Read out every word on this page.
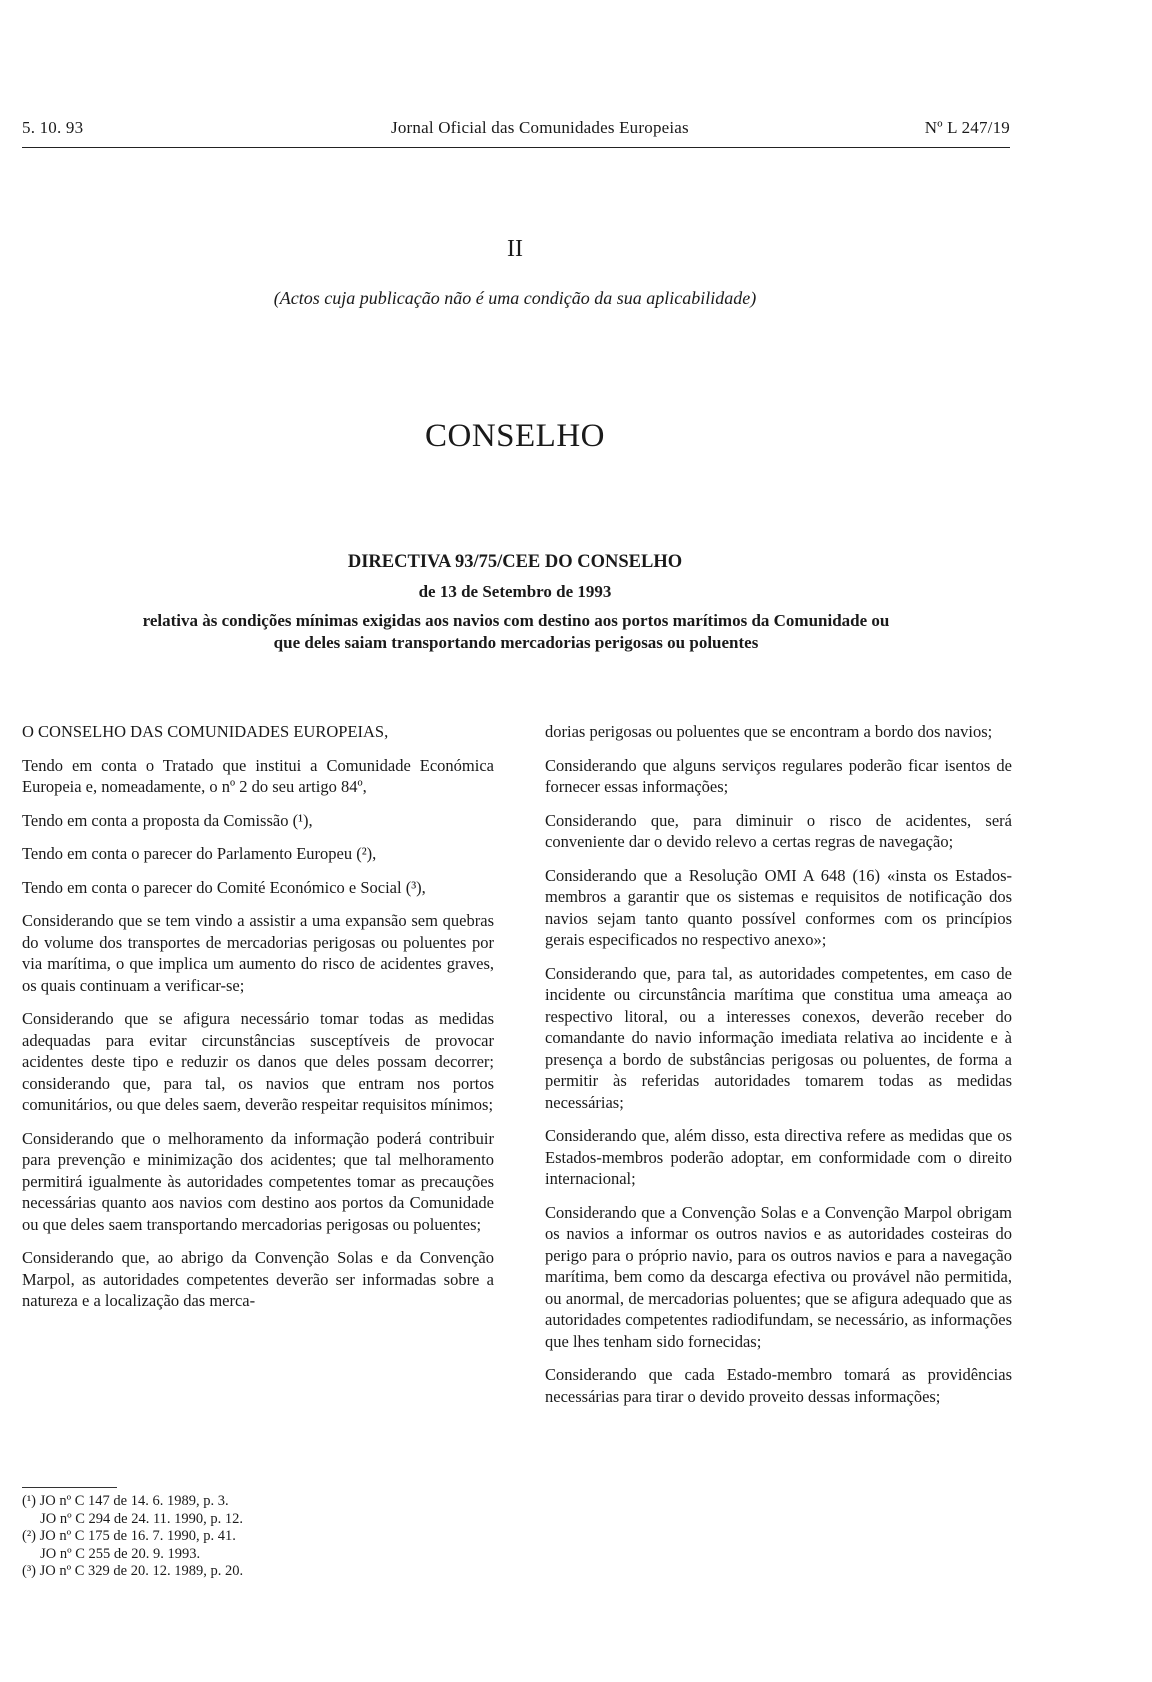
5. 10. 93	Jornal Oficial das Comunidades Europeias	Nº L 247/19
II
(Actos cuja publicação não é uma condição da sua aplicabilidade)
CONSELHO
DIRECTIVA 93/75/CEE DO CONSELHO
de 13 de Setembro de 1993
relativa às condições mínimas exigidas aos navios com destino aos portos marítimos da Comunidade ou que deles saiam transportando mercadorias perigosas ou poluentes

O CONSELHO DAS COMUNIDADES EUROPEIAS,

Tendo em conta o Tratado que institui a Comunidade Económica Europeia e, nomeadamente, o nº 2 do seu artigo 84º,

Tendo em conta a proposta da Comissão (¹),

Tendo em conta o parecer do Parlamento Europeu (²),

Tendo em conta o parecer do Comité Económico e Social (³),

Considerando que se tem vindo a assistir a uma expansão sem quebras do volume dos transportes de mercadorias perigosas ou poluentes por via marítima, o que implica um aumento do risco de acidentes graves, os quais continuam a verificar-se;

Considerando que se afigura necessário tomar todas as medidas adequadas para evitar circunstâncias susceptíveis de provocar acidentes deste tipo e reduzir os danos que deles possam decorrer; considerando que, para tal, os navios que entram nos portos comunitários, ou que deles saem, deverão respeitar requisitos mínimos;

Considerando que o melhoramento da informação poderá contribuir para prevenção e minimização dos acidentes; que tal melhoramento permitirá igualmente às autoridades competentes tomar as precauções necessárias quanto aos navios com destino aos portos da Comunidade ou que deles saem transportando mercadorias perigosas ou poluentes;

Considerando que, ao abrigo da Convenção Solas e da Convenção Marpol, as autoridades competentes deverão ser informadas sobre a natureza e a localização das merca-

dorias perigosas ou poluentes que se encontram a bordo dos navios;

Considerando que alguns serviços regulares poderão ficar isentos de fornecer essas informações;

Considerando que, para diminuir o risco de acidentes, será conveniente dar o devido relevo a certas regras de navegação;

Considerando que a Resolução OMI A 648 (16) «insta os Estados-membros a garantir que os sistemas e requisitos de notificação dos navios sejam tanto quanto possível conformes com os princípios gerais especificados no respectivo anexo»;

Considerando que, para tal, as autoridades competentes, em caso de incidente ou circunstância marítima que constitua uma ameaça ao respectivo litoral, ou a interesses conexos, deverão receber do comandante do navio informação imediata relativa ao incidente e à presença a bordo de substâncias perigosas ou poluentes, de forma a permitir às referidas autoridades tomarem todas as medidas necessárias;

Considerando que, além disso, esta directiva refere as medidas que os Estados-membros poderão adoptar, em conformidade com o direito internacional;

Considerando que a Convenção Solas e a Convenção Marpol obrigam os navios a informar os outros navios e as autoridades costeiras do perigo para o próprio navio, para os outros navios e para a navegação marítima, bem como da descarga efectiva ou provável não permitida, ou anormal, de mercadorias poluentes; que se afigura adequado que as autoridades competentes radiodifundam, se necessário, as informações que lhes tenham sido fornecidas;

Considerando que cada Estado-membro tomará as providências necessárias para tirar o devido proveito dessas informações;

(¹) JO nº C 147 de 14. 6. 1989, p. 3.
JO nº C 294 de 24. 11. 1990, p. 12.
(²) JO nº C 175 de 16. 7. 1990, p. 41.
JO nº C 255 de 20. 9. 1993.
(³) JO nº C 329 de 20. 12. 1989, p. 20.
